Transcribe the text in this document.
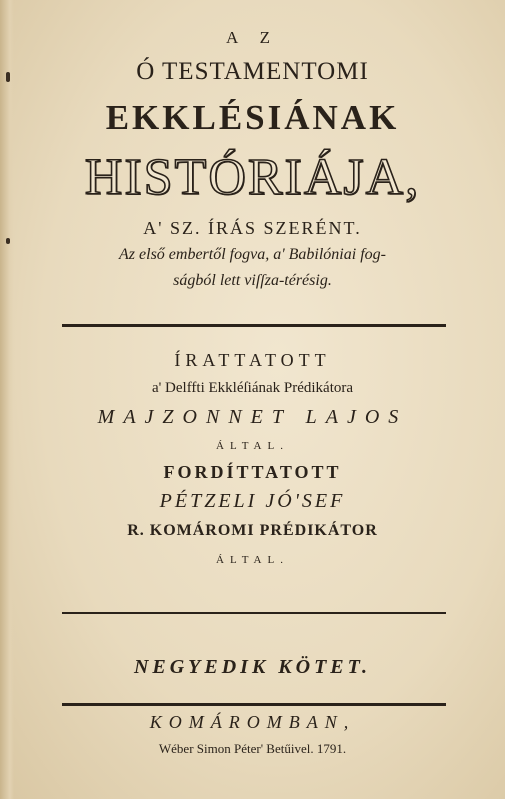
A Z
Ó TESTAMENTOMI
EKKLÉSIÁNAK
HISTÓRIÁJA,
A' SZ. ÍRÁS SZERÉNT.
Az első embertől fogva, a' Babilóniai fog-
ságból lett viſſza-térésig.
ÍRATTATOTT
a' Delffti Ekkléſiának Prédikátora
MAJZONNET LAJOS
ÁLTAL.
FORDÍTTATOTT
PÉTZELI JÓ'SEF
R. KOMÁROMI PRÉDIKÁTOR
ÁLTAL.
NEGYEDIK KÖTET.
KOMÁROMBAN,
Wéber Simon Péter' Betűivel. 1791.
